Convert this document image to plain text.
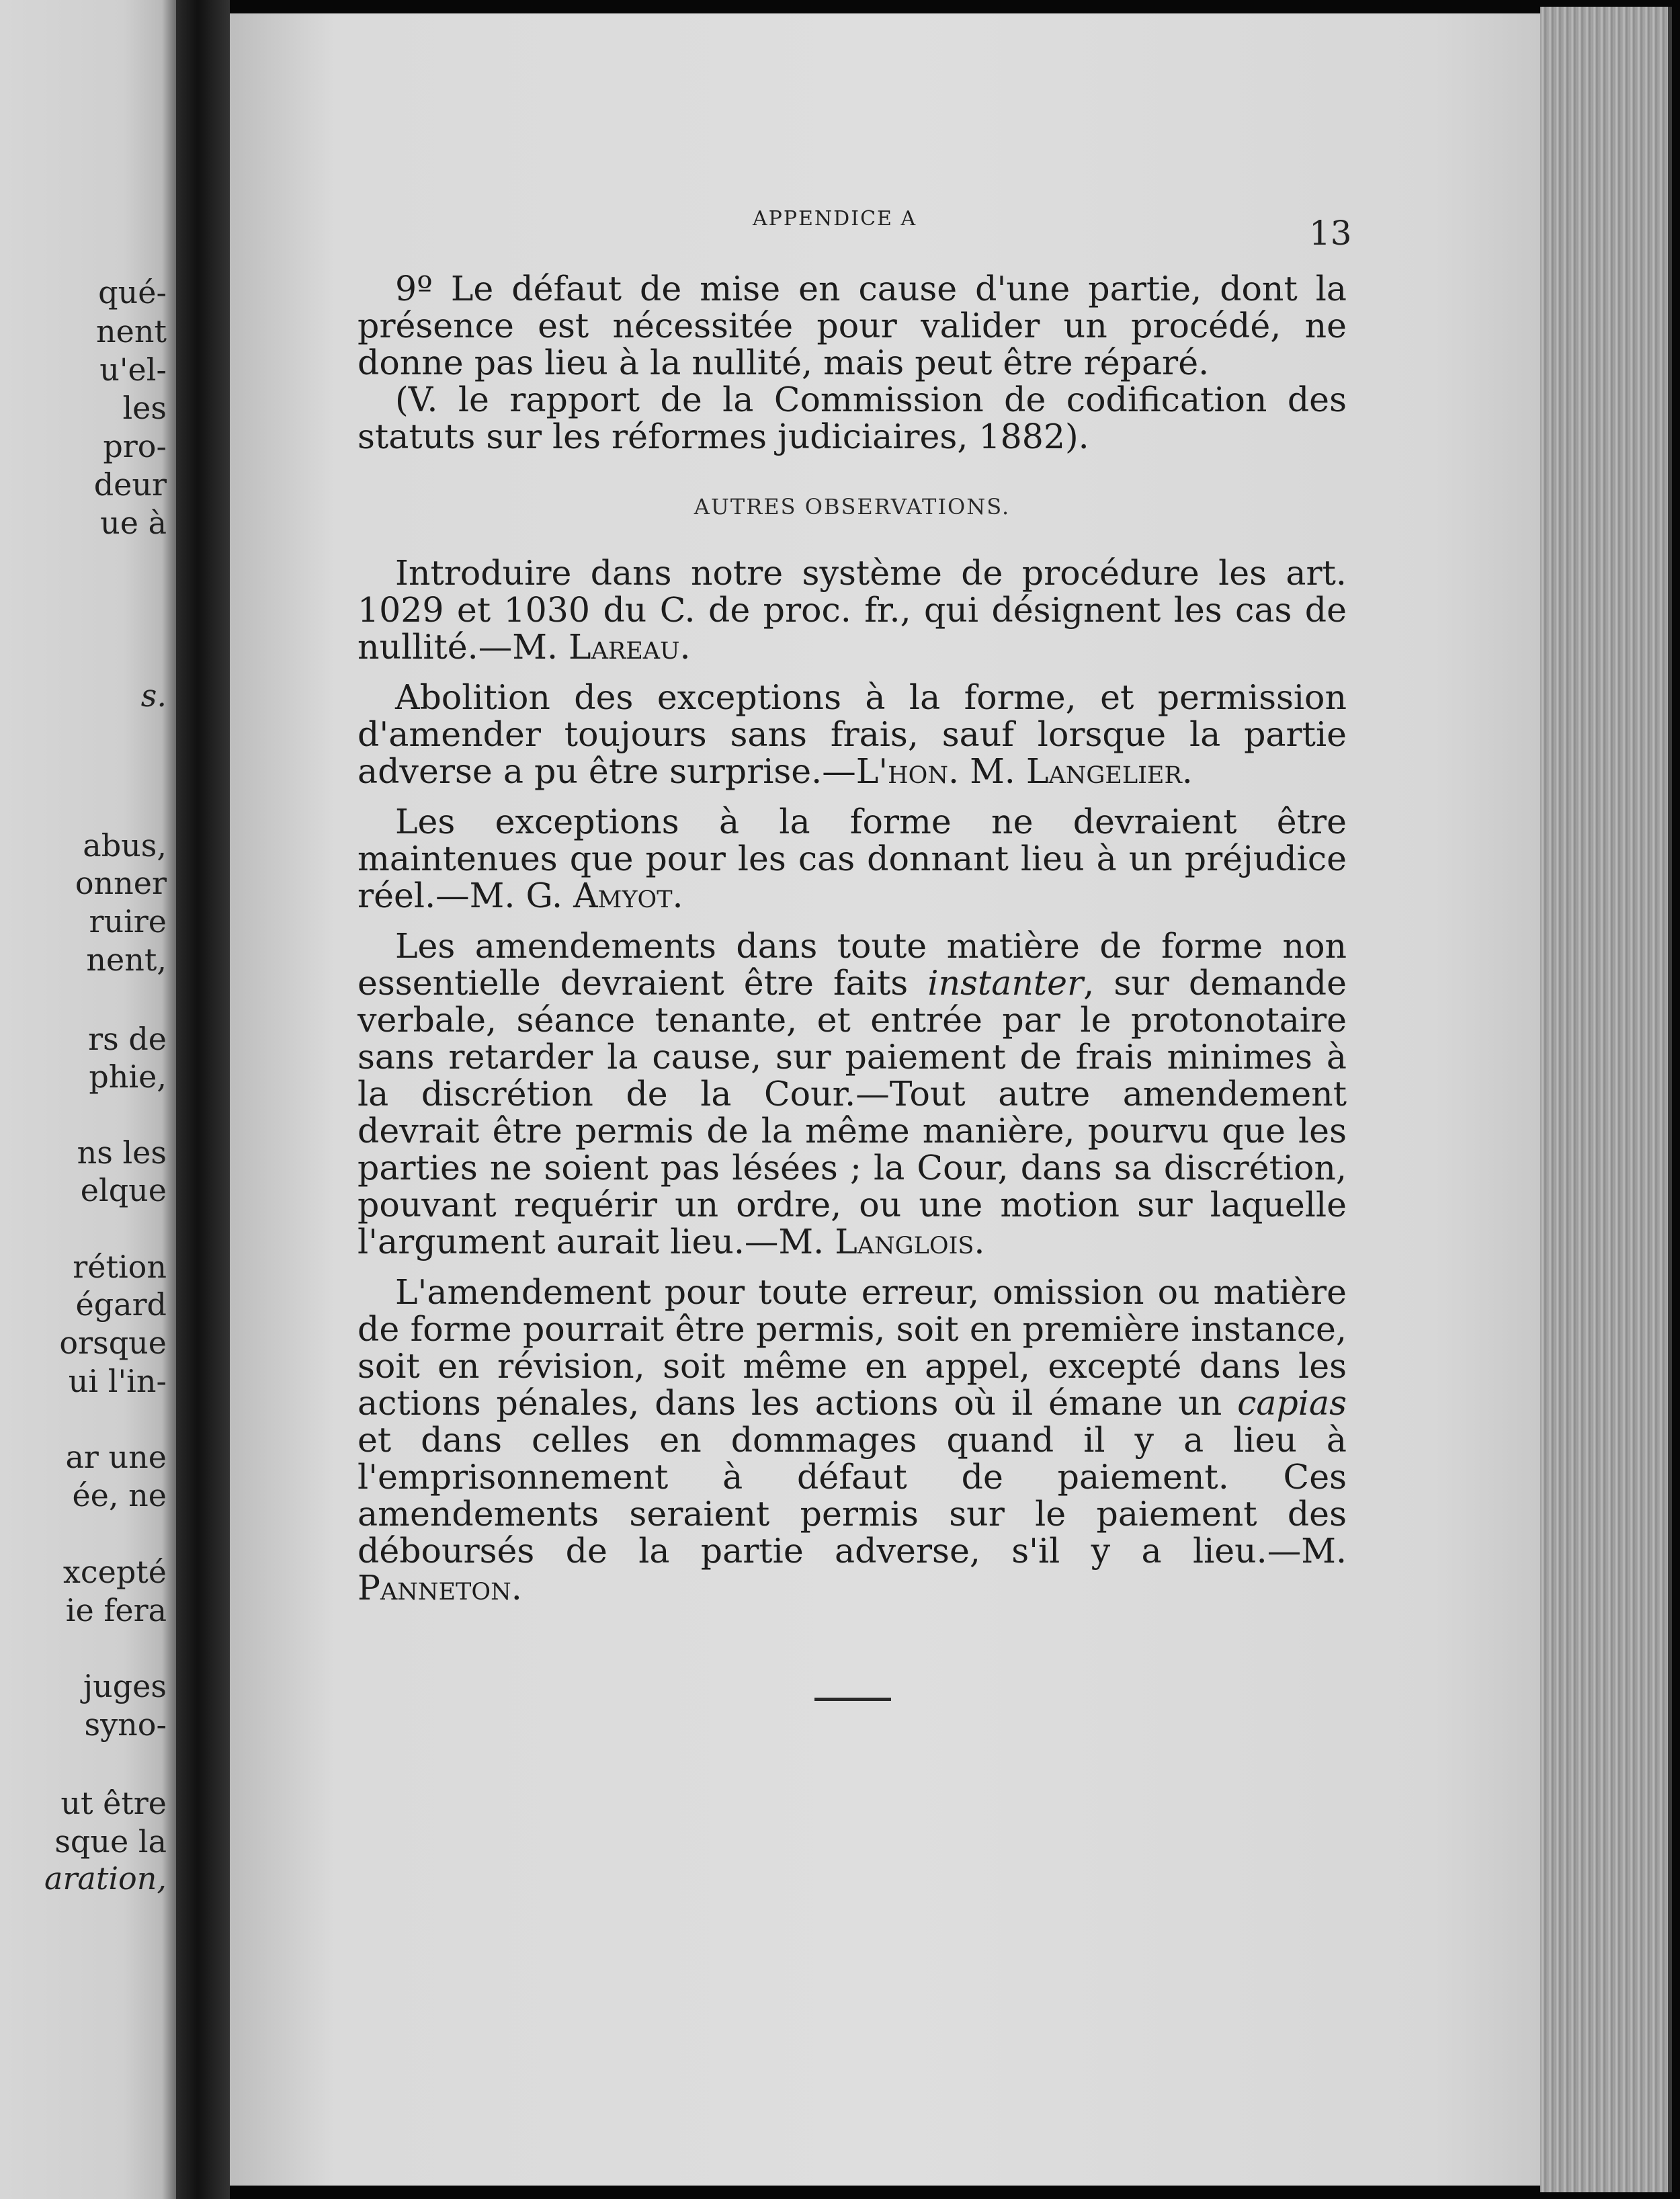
qué-
nent
u'el-
les
pro-
deur
ue à
s.
abus,
onner
ruire
nent,
rs de
phie,
ns les
elque
rétion
égard
orsque
ui l'in-
ar une
ée, ne
xcepté
ie fera
juges
syno-
ut être
sque la
aration,
APPENDICE A	13

9º Le défaut de mise en cause d'une partie, dont la présence est nécessitée pour valider un procédé, ne donne pas lieu à la nullité, mais peut être réparé.

(V. le rapport de la Commission de codification des statuts sur les réformes judiciaires, 1882).

AUTRES OBSERVATIONS.

Introduire dans notre système de procédure les art. 1029 et 1030 du C. de proc. fr., qui désignent les cas de nullité.—M. Lareau.

Abolition des exceptions à la forme, et permission d'amender toujours sans frais, sauf lorsque la partie adverse a pu être surprise.—L'hon. M. Langelier.

Les exceptions à la forme ne devraient être maintenues que pour les cas donnant lieu à un préjudice réel.—M. G. Amyot.

Les amendements dans toute matière de forme non essentielle devraient être faits instanter, sur demande verbale, séance tenante, et entrée par le protonotaire sans retarder la cause, sur paiement de frais minimes à la discrétion de la Cour.—Tout autre amendement devrait être permis de la même manière, pourvu que les parties ne soient pas lésées ; la Cour, dans sa discrétion, pouvant requérir un ordre, ou une motion sur laquelle l'argument aurait lieu.—M. Langlois.

L'amendement pour toute erreur, omission ou matière de forme pourrait être permis, soit en première instance, soit en révision, soit même en appel, excepté dans les actions pénales, dans les actions où il émane un capias et dans celles en dommages quand il y a lieu à l'emprisonnement à défaut de paiement. Ces amendements seraient permis sur le paiement des déboursés de la partie adverse, s'il y a lieu.—M. Panneton.
